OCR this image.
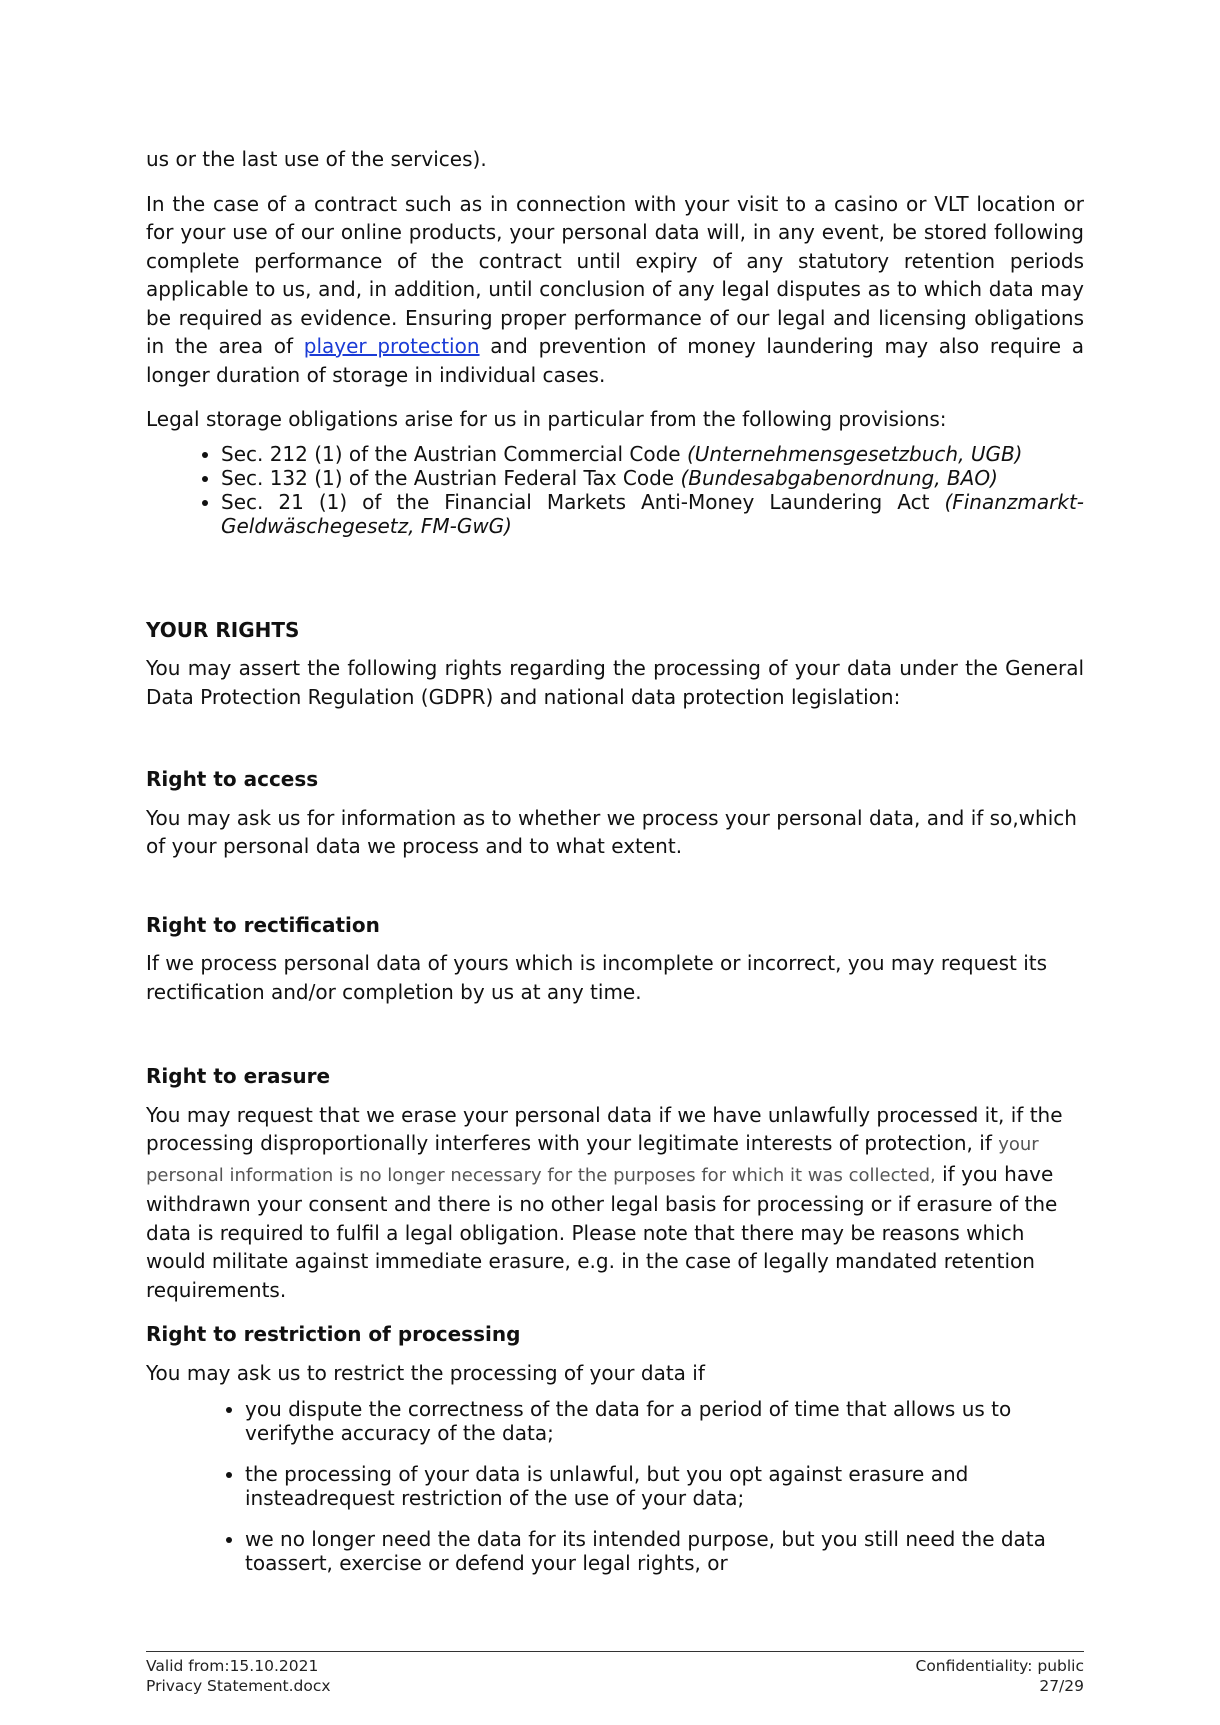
us or the last use of the services).

In the case of a contract such as in connection with your visit to a casino or VLT location or for your use of our online products, your personal data will, in any event, be stored following complete performance of the contract until expiry of any statutory retention periods applicable to us, and, in addition, until conclusion of any legal disputes as to which data may be required as evidence. Ensuring proper performance of our legal and licensing obligations in the area of player protection and prevention of money laundering may also require a longer duration of storage in individual cases.

Legal storage obligations arise for us in particular from the following provisions:

• Sec. 212 (1) of the Austrian Commercial Code (Unternehmensgesetzbuch, UGB)
• Sec. 132 (1) of the Austrian Federal Tax Code (Bundesabgabenordnung, BAO)
• Sec. 21 (1) of the Financial Markets Anti-Money Laundering Act (Finanzmarkt-Geldwäschegesetz, FM-GwG)

YOUR RIGHTS

You may assert the following rights regarding the processing of your data under the General Data Protection Regulation (GDPR) and national data protection legislation:

Right to access

You may ask us for information as to whether we process your personal data, and if so,which of your personal data we process and to what extent.

Right to rectification

If we process personal data of yours which is incomplete or incorrect, you may request its rectification and/or completion by us at any time.

Right to erasure

You may request that we erase your personal data if we have unlawfully processed it, if the processing disproportionally interferes with your legitimate interests of protection, if your personal information is no longer necessary for the purposes for which it was collected, if you have withdrawn your consent and there is no other legal basis for processing or if erasure of the data is required to fulfil a legal obligation. Please note that there may be reasons which would militate against immediate erasure, e.g. in the case of legally mandated retention requirements.

Right to restriction of processing

You may ask us to restrict the processing of your data if

• you dispute the correctness of the data for a period of time that allows us to verifythe accuracy of the data;
• the processing of your data is unlawful, but you opt against erasure and insteadrequest restriction of the use of your data;
• we no longer need the data for its intended purpose, but you still need the data toassert, exercise or defend your legal rights, or
Valid from:15.10.2021
Privacy Statement.docx
Confidentiality: public
27/29
